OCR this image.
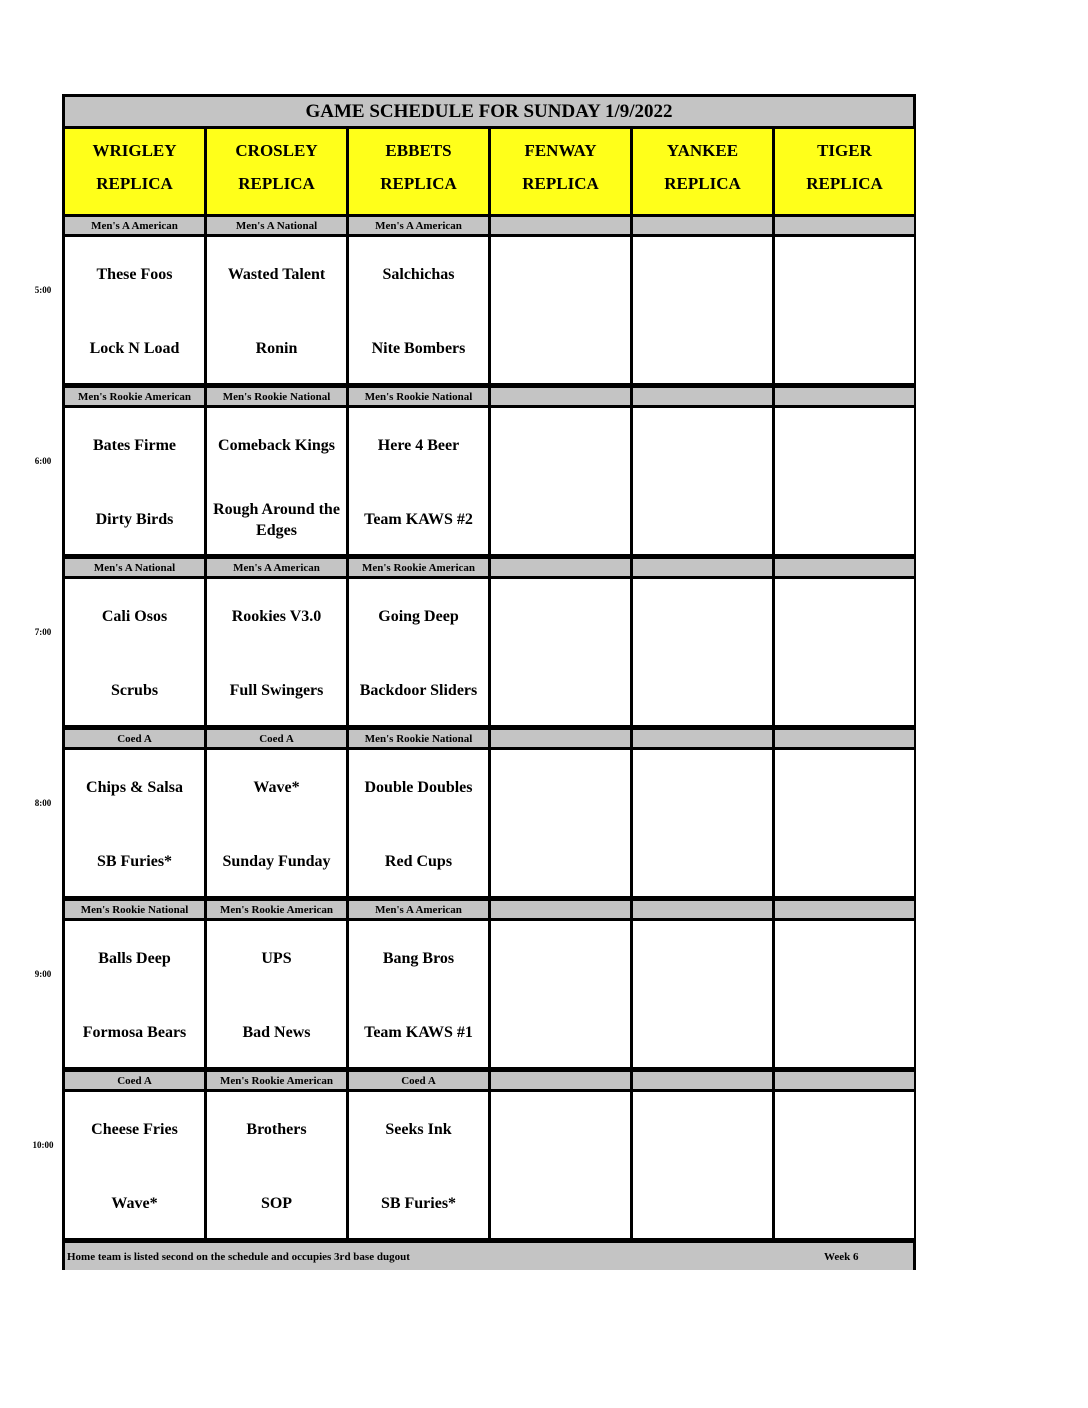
GAME SCHEDULE FOR SUNDAY 1/9/2022
Home team is listed second on the schedule and occupies 3rd base dugout	Week 6
WRIGLEY
REPLICA
CROSLEY
REPLICA
EBBETS
REPLICA
FENWAY
REPLICA
YANKEE
REPLICA
TIGER
REPLICA
Men's A American
These Foos
Lock N Load
Men's A National
Wasted Talent
Ronin
Men's A American
Salchichas
Nite Bombers
Men's Rookie American
Bates Firme
Dirty Birds
Men's Rookie National
Comeback Kings
Rough Around the Edges
Men's Rookie National
Here 4 Beer
Team KAWS #2
Men's A National
Cali Osos
Scrubs
Men's A American
Rookies V3.0
Full Swingers
Men's Rookie American
Going Deep
Backdoor Sliders
Coed A
Chips & Salsa
SB Furies*
Coed A
Wave*
Sunday Funday
Men's Rookie National
Double Doubles
Red Cups
Men's Rookie National
Balls Deep
Formosa Bears
Men's Rookie American
UPS
Bad News
Men's A American
Bang Bros
Team KAWS #1
Coed A
Cheese Fries
Wave*
Men's Rookie American
Brothers
SOP
Coed A
Seeks Ink
SB Furies*
5:00
6:00
7:00
8:00
9:00
10:00
